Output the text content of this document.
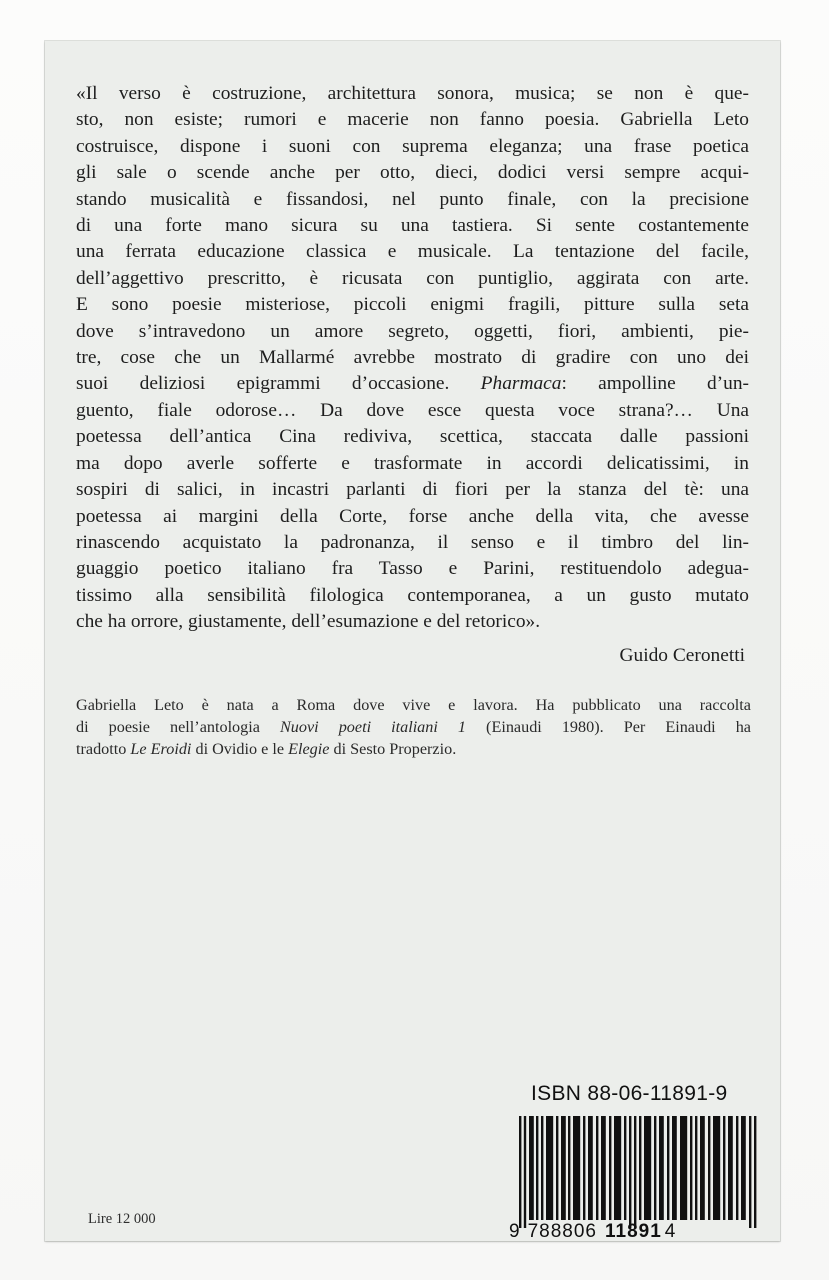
«Il verso è costruzione, architettura sonora, musica; se non è que-
sto, non esiste; rumori e macerie non fanno poesia. Gabriella Leto
costruisce, dispone i suoni con suprema eleganza; una frase poetica
gli sale o scende anche per otto, dieci, dodici versi sempre acqui-
stando musicalità e fissandosi, nel punto finale, con la precisione
di una forte mano sicura su una tastiera. Si sente costantemente
una ferrata educazione classica e musicale. La tentazione del facile,
dell’aggettivo prescritto, è ricusata con puntiglio, aggirata con arte.
E sono poesie misteriose, piccoli enigmi fragili, pitture sulla seta
dove s’intravedono un amore segreto, oggetti, fiori, ambienti, pie-
tre, cose che un Mallarmé avrebbe mostrato di gradire con uno dei
suoi deliziosi epigrammi d’occasione. Pharmaca: ampolline d’un-
guento, fiale odorose… Da dove esce questa voce strana?… Una
poetessa dell’antica Cina rediviva, scettica, staccata dalle passioni
ma dopo averle sofferte e trasformate in accordi delicatissimi, in
sospiri di salici, in incastri parlanti di fiori per la stanza del tè: una
poetessa ai margini della Corte, forse anche della vita, che avesse
rinascendo acquistato la padronanza, il senso e il timbro del lin-
guaggio poetico italiano fra Tasso e Parini, restituendolo adegua-
tissimo alla sensibilità filologica contemporanea, a un gusto mutato
che ha orrore, giustamente, dell’esumazione e del retorico».

Guido Ceronetti
Gabriella Leto è nata a Roma dove vive e lavora. Ha pubblicato una raccolta
di poesie nell’antologia Nuovi poeti italiani 1 (Einaudi 1980). Per Einaudi ha
tradotto Le Eroidi di Ovidio e le Elegie di Sesto Properzio.
Lire 12 000
ISBN 88-06-11891-9
9 788806 11891 4
